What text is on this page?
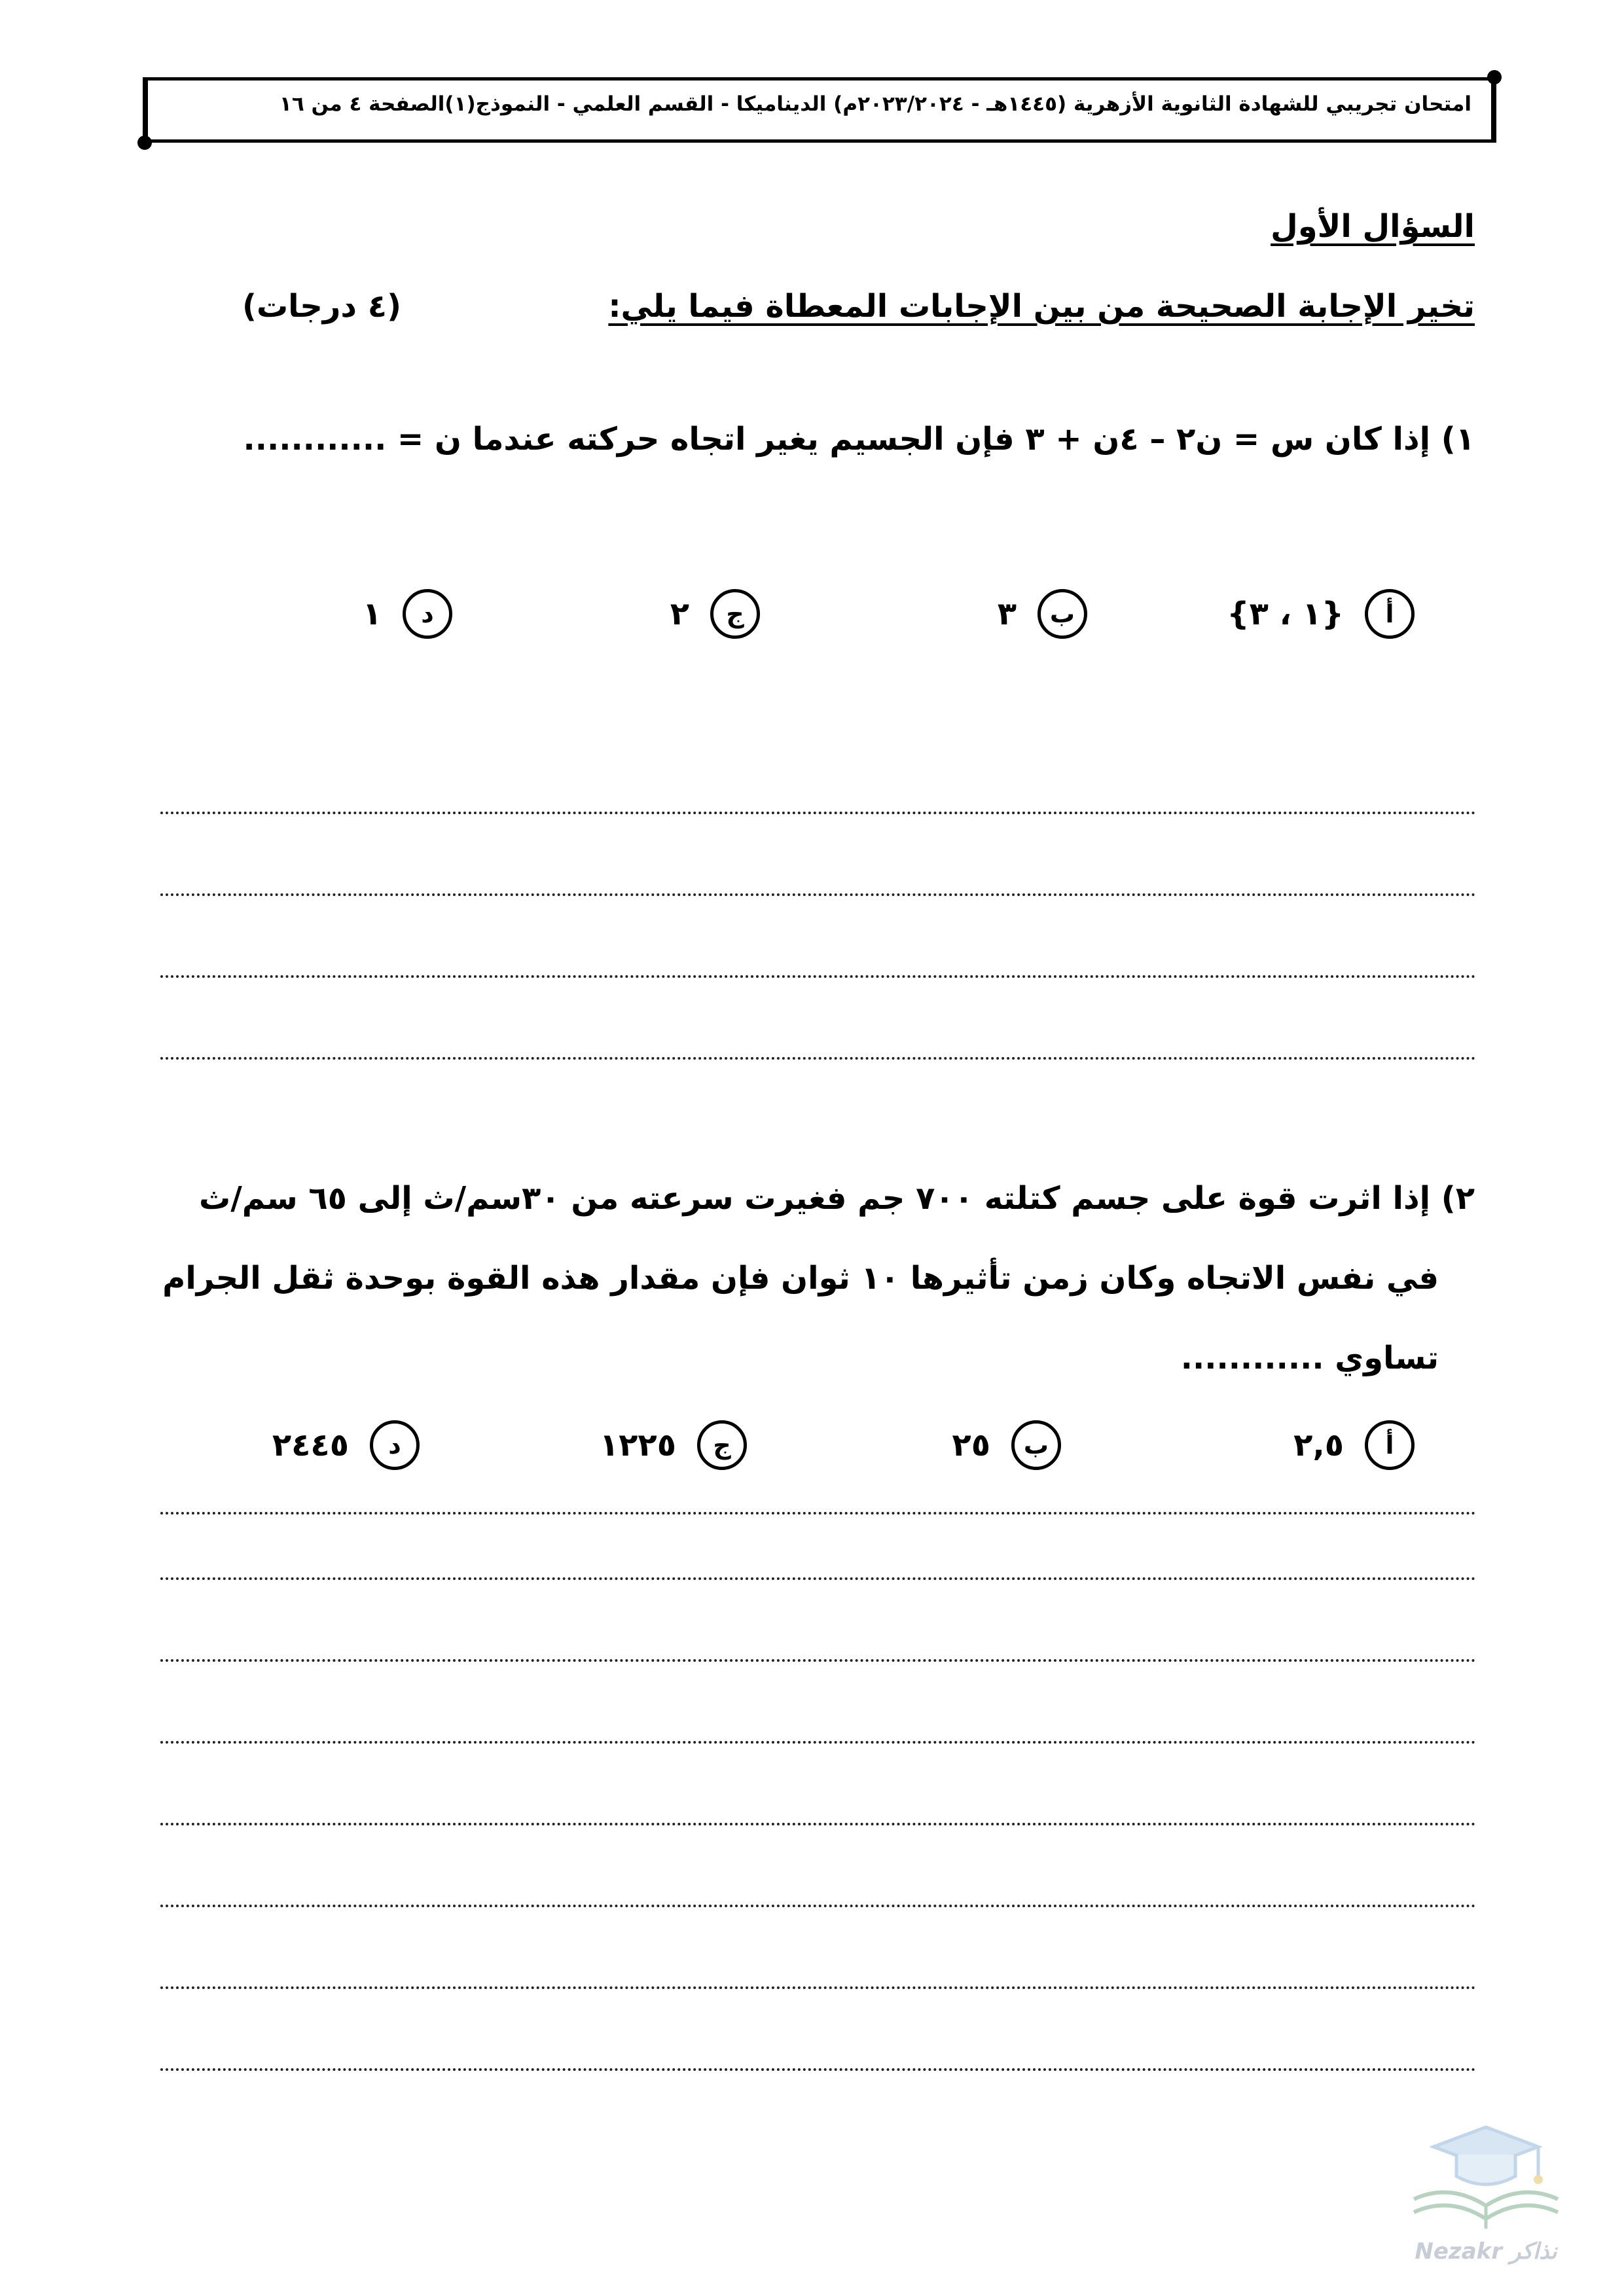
امتحان تجريبي للشهادة الثانوية الأزهرية (١٤٤٥هـ - ٢٠٢٣/٢٠٢٤م) الديناميكا - القسم العلمي - النموذج(١)الصفحة ٤ من ١٦
السؤال الأول
تخير الإجابة الصحيحة من بين الإجابات المعطاة فيما يلي:
(٤ درجات)
١) إذا كان س = ن٢ – ٤ن + ٣ فإن الجسيم يغير اتجاه حركته عندما ن = ............
أ
{١ ، ٣}
ب
٣
ج
٢
د
١
٢) إذا اثرت قوة على جسم كتلته ٧٠٠ جم فغيرت سرعته من ٣٠سم/ث إلى ٦٥ سم/ث
في نفس الاتجاه وكان زمن تأثيرها ١٠ ثوان فإن مقدار هذه القوة بوحدة ثقل الجرام
تساوي ............
أ
٢,٥
ب
٢٥
ج
١٢٢٥
د
٢٤٤٥
Nezakr نذاكر
